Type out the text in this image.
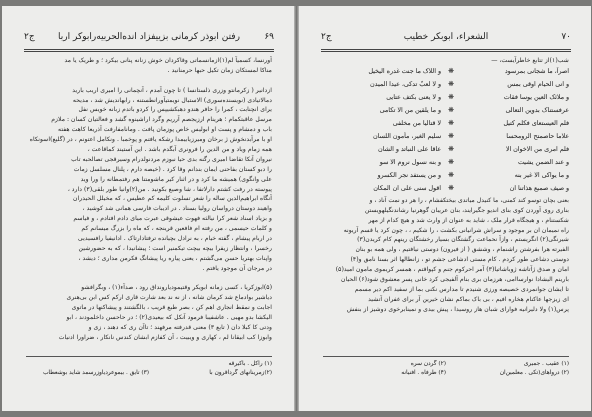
۶۹
رفتن ابوذر کرمانی بزییفزاد انده‌الحربیه‌رابوکر اربا
ج۲
آورنسا، کسمیآ لم(۱)ازمانسماتی وقاکردان خوش زنانه پنانی بیکرد ؛ و طریک یا مد
مناکا لمستکان زمان تکیل حبها حرمنانید .
ازدانیر ( زکرمانتو وزری ذلستانسا ) تا چون آمدم ، آنچمانی را امیری اریب بارید
دمالاتیادی (نویسنده‌سوری) الاستبال نویمتیآورانطستنه ، رابهاندیش شد ، مدیحه
یرای انچنابت ، کمرا را حافر هندو دهبکشیپس را کردو باتدم زبانه خویس نفل
مرسل عاقبتکمام ؛ هرینام ارزیجصم آرریم وگرد اراشینوه گشد و فعالتیان کسان : ملازم
باب و دمشام و پست او ابولیس خاص پوزمان پافت . ومانامفارفت آذریعا کاهت هفته
او با مرآبدنخوش ژ برخان ومیرزیابیمدا رشکه یافتم و پوخمبا . ونکامل اعتونم ، در (گلیع)اسونکاه
همه زمام ویاد و من الدین را فرونری آبگدم باشد . این آستیند کماقاعت ،
نیروان آنکا تقاضا امیری رگنه بدی حیا نبوزم مردنولدرام وسیرقجی تصالحبه تاب
را دبو کستان بفاحنی ایمان بندانم وقا کرد . (خیصه دارم ، پلنال مسلسل زمات
علی وانگوی) همیشه ما کرد و در اثنار کیر ماشومتنا هم رفتمطانه را ورا وید
پیوسته در رفت کشتم دارلاتفا ، شا وصیع بکونید . من(۲)وانیا طور بلقی(۳) دارد ،
آنگاه ابراهیم‌الدین ساله را شعر تسلوت کلیمه کم عطیس ، که مخیلل ‌الحیدران
واهیند دوستان درواسان رولیا بسناد . در ادیبات فارسی همانی شد کوشید ،
و بزیاد اسناد شعر کرا نیالثه فهوت عیشوقی عبرت میای دادم افتادم ، و فیاسم
و کلمات حیسمی ، من رفته ام فافعین قرینجه ، که ماه را بزرگ میسانم کم
در اربام پیشام ، گفته خیام ، به نرادل بچیانده ترفتادارتاک . ادانیفیا رافسیدیی
رخسرا ، وانتظار زیفرا بیچه بیچت تیکمنیر است ؛ پیشانیدا ، که به حضورشین
واپنات بهتریا حسن می‌گشتم ، یعنی پیاره ریا پیشانگ فکرمن مداری ؛ دیشد ،
در مرجان آن موجود یافتم .
(۵)ابوزکریا ، کسی زمانه ابویکر وقتیمودیارونداق رود ، صدآء(۱) ، وبگرافشو
دیاشیر بوادماع شد کرمان شانه ، از نه ند بعد شارت قاری ارکم کس ابن بی‌هنری
اجابت و نمقط انجاری اهم کن ، بصر طبع قریب ، بالگشتند و پیشاکنها در ماتوی
الیکشا بدو مهیی . عاشفیبا فرمود آنکل که بیعیدی(۲) ؛ در حاحسن داخلمودند ، ابو
ودتی کا کبلا دان ( تابع ۳) معنی قدرفته مرفهند ؛ تاآن ری که دهند ، زی و
وابوزا کب ابیقانا لم ، کهاری و ویبیت ، آن کفازم ابشان کندس نانکار ، ضراورا ادنیات
(۱) راکل . باکیرقه
(۲)زمرینانهای گرداقرون با
(۳) تایق . بیموعردیآوزرسمد شاید بوشعطاب
۷۰
الشعراء، ابوبکر خطیب
ج۲
شب(۱)از تتابع خاطرآیست، —
اصراً، ما شجانی بمرسود
❋
و اللاک ما جنت غدره الیخیل
و انی الحیام اوقی بمس
❋
و لا لعبّ تدکی، عیدا المیدن
و ملائک العین یوسا فقات
❋
و لا یعنی بکتف عتایی
عرفستناک بدوین التعالی
❋
و ما یلقین من الا تکامی
فلم العیستعای فکلم کتیل
❋
لا قتالیا من مخلفی
علاما حاصمتح الرومحسا
❋
سلیم الغیر، مأمون اللسان
فلم امری من الاخوان الا
❋
عاقا علی النباتد و الشان
و عند الضمن یشیت
❋
و بنه نسول نروم الا سو
و ما یواکی الا غیر بنه
❋
و من یستفد نجر الکسرو
و صیف صمیع هذاتنا ان
❋
اقول سنی علی ان المکان
بعنی بچان توسو کند کمنی، ما کنیدل میاتدی بیختکفشام ، را هر دو نمت آناد ، و
بناری روی آوردن کوی بنای اندیو جگیرایند، بنان عریبان گوهرنیا رشاندنگیلهویستن
شکستنام ، و هیجگاه قرار ملک ، شاید به عنوان از وارث شد و هیچ کدام از مهر
راه نمیمان ان بر موجود و سراش شرانیانی بکشت ، را شکیم ، ، چون کرد یا قسم آریونه
شیرنگی(۲) انگریستم ، وازآ نحماعت رگشتگان بسیار رخشتگان رینهم کام کریدن(۳)
الفیرته هرا بفرشتن راشنمام ، وششق ( از فیرون) دوستی نیافتیم ، ولی همه بو بنان
دوستی دشاعی طور کردم . کام مستی ادشاعی جشم تو ، زانطالها اثر بسنا نامق و(۴)
امان و صدق ژآتاشه ژوباشاتیا(۳) آمر احرکوم جنم و کپواقتم ، همسر کریموی مامون امید(۵)
بارینم الیشادا نوارساامی، هرزمان بری بنام آلفیجی کرد خانی پسر معشوق شود(۶) الحیان
تا ایشان جوانمردی خصیصه ورزی شنیدم تا مدارس نکنی بما از سفید اکم دیر مسمم
ای زیزجها عاکنام هخاره افیم ، بی باک بماکم نشان خیرین آر برای غفران آتشید
پرس(۱) ولا دلیرانیه فوارای شبان هاز روسیدا ، پیش بیدی و نمینابرخوی دوشیز از بنفش
(۱) عقیب . جمیری
(۲) گردن سره
(۲) درواهای(تکی . معلمین‌ان
(۴) طرفاه . افنیانه
